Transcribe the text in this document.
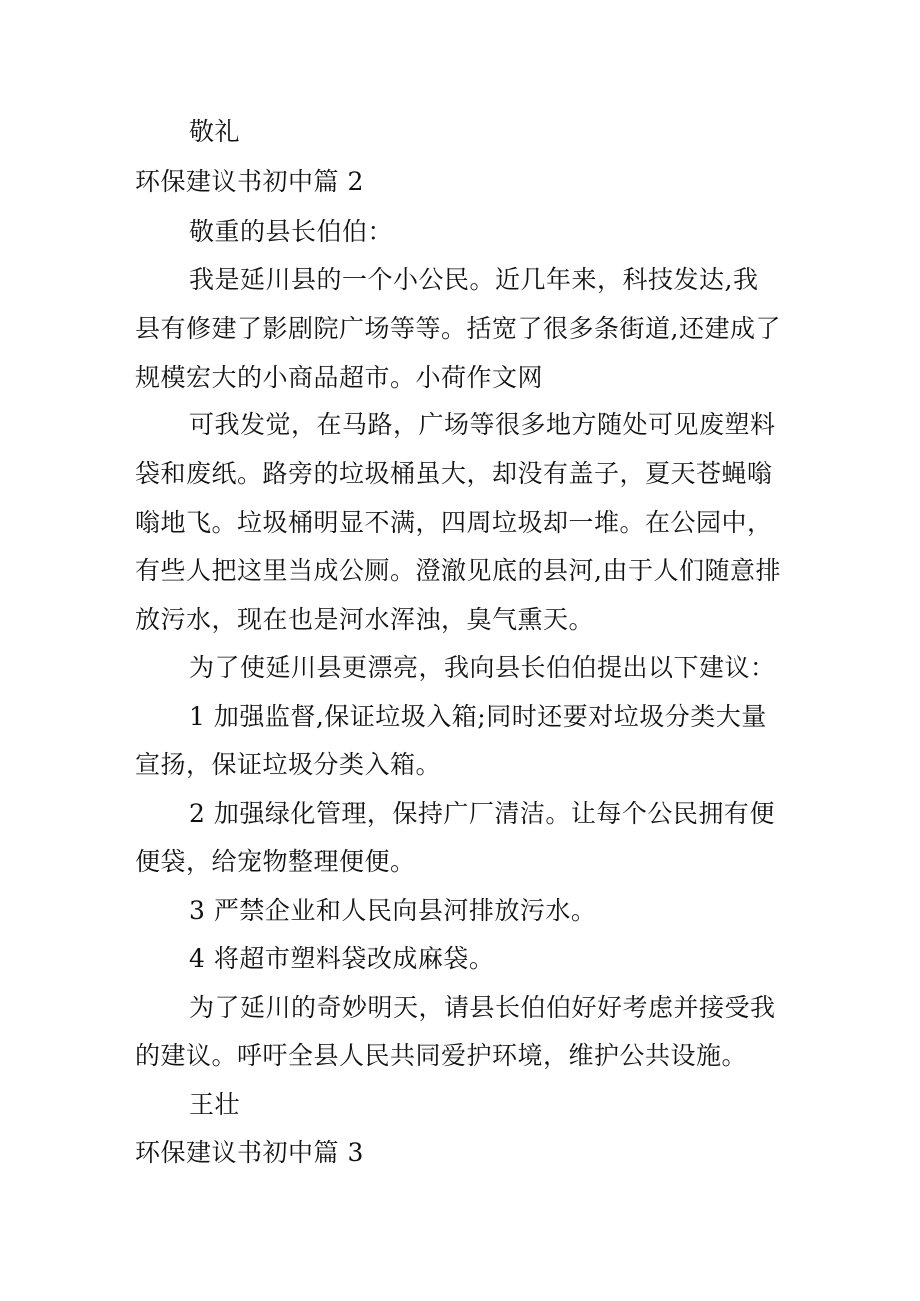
敬礼
环保建议书初中篇 2
敬重的县长伯伯：
我是延川县的一个小公民。近几年来，科技发达,我
县有修建了影剧院广场等等。括宽了很多条街道,还建成了
规模宏大的小商品超市。小荷作文网
可我发觉，在马路，广场等很多地方随处可见废塑料
袋和废纸。路旁的垃圾桶虽大，却没有盖子，夏天苍蝇嗡
嗡地飞。垃圾桶明显不满，四周垃圾却一堆。在公园中，
有些人把这里当成公厕。澄澈见底的县河,由于人们随意排
放污水，现在也是河水浑浊，臭气熏天。
为了使延川县更漂亮，我向县长伯伯提出以下建议：
1 加强监督,保证垃圾入箱;同时还要对垃圾分类大量
宣扬，保证垃圾分类入箱。
2 加强绿化管理，保持广厂清洁。让每个公民拥有便
便袋，给宠物整理便便。
3 严禁企业和人民向县河排放污水。
4 将超市塑料袋改成麻袋。
为了延川的奇妙明天，请县长伯伯好好考虑并接受我
的建议。呼吁全县人民共同爱护环境，维护公共设施。
王壮
环保建议书初中篇 3
